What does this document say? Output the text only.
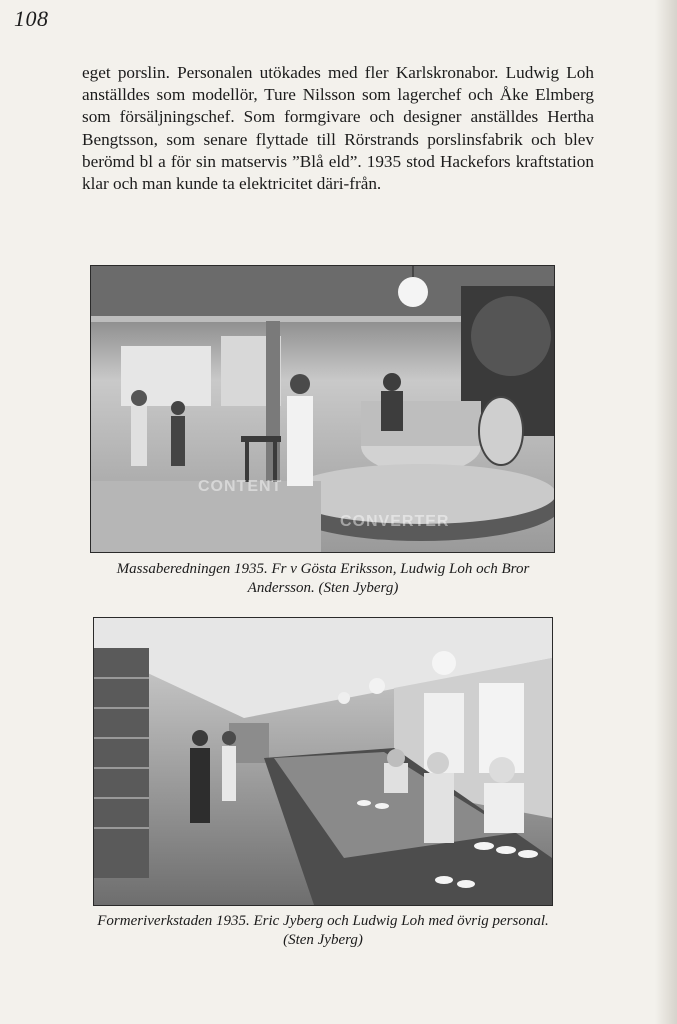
108

eget porslin. Personalen utökades med fler Karlskronabor. Ludwig Loh anställdes som modellör, Ture Nilsson som lagerchef och Åke Elmberg som försäljningschef. Som formgivare och designer anställdes Hertha Bengtsson, som senare flyttade till Rörstrands porslinsfabrik och blev berömd bl a för sin matservis ”Blå eld”. 1935 stod Hackefors kraftstation klar och man kunde ta elektricitet däri-från.

CONTENT
CONVERTER

Massaberedningen 1935. Fr v Gösta Eriksson, Ludwig Loh och Bror Andersson. (Sten Jyberg)

Formeriverkstaden 1935. Eric Jyberg och Ludwig Loh med övrig personal. (Sten Jyberg)
